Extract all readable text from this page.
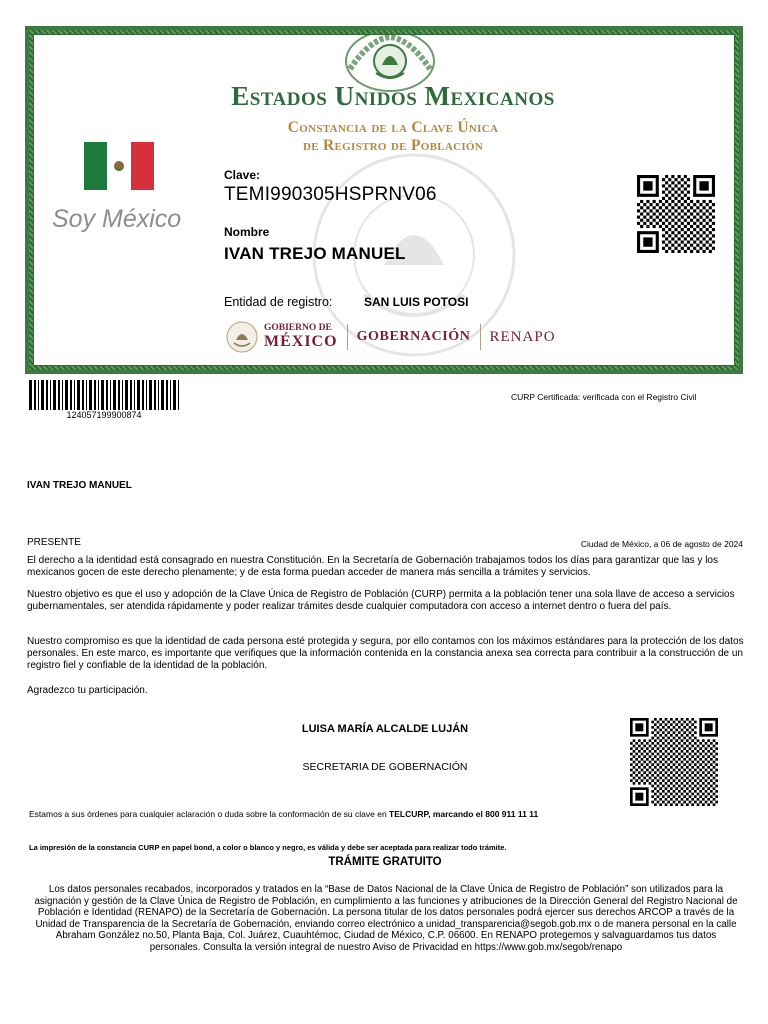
Estados Unidos Mexicanos
Constancia de la Clave Única
de Registro de Población
Soy México
Clave:
TEMI990305HSPRNV06
Nombre
IVAN TREJO MANUEL
Entidad de registro:	SAN LUIS POTOSI
GOBIERNO DE
MÉXICO GOBERNACIÓN RENAPO
124057199900874
CURP Certificada: verificada con el Registro Civil
IVAN TREJO MANUEL
PRESENTE	Ciudad de México, a 06 de agosto de 2024
El derecho a la identidad está consagrado en nuestra Constitución. En la Secretaría de Gobernación trabajamos todos los días para garantizar que las y los mexicanos gocen de este derecho plenamente; y de esta forma puedan acceder de manera más sencilla a trámites y servicios.
Nuestro objetivo es que el uso y adopción de la Clave Única de Registro de Población (CURP) permita a la población tener una sola llave de acceso a servicios gubernamentales, ser atendida rápidamente y poder realizar trámites desde cualquier computadora con acceso a internet dentro o fuera del país.
Nuestro compromiso es que la identidad de cada persona esté protegida y segura, por ello contamos con los máximos estándares para la protección de los datos personales. En este marco, es importante que verifiques que la información contenida en la constancia anexa sea correcta para contribuir a la construcción de un registro fiel y confiable de la identidad de la población.
Agradezco tu participación.
LUISA MARÍA ALCALDE LUJÁN
SECRETARIA DE GOBERNACIÓN
Estamos a sus órdenes para cualquier aclaración o duda sobre la conformación de su clave en TELCURP, marcando el 800 911 11 11
La impresión de la constancia CURP en papel bond, a color o blanco y negro, es válida y debe ser aceptada para realizar todo trámite.
TRÁMITE GRATUITO
Los datos personales recabados, incorporados y tratados en la “Base de Datos Nacional de la Clave Única de Registro de Población” son utilizados para la asignación y gestión de la Clave Única de Registro de Población, en cumplimiento a las funciones y atribuciones de la Dirección General del Registro Nacional de Población e Identidad (RENAPO) de la Secretaría de Gobernación. La persona titular de los datos personales podrá ejercer sus derechos ARCOP a través de la Unidad de Transparencia de la Secretaría de Gobernación, enviando correo electrónico a unidad_transparencia@segob.gob.mx o de manera personal en la calle Abraham González no.50, Planta Baja, Col. Juárez, Cuauhtémoc, Ciudad de México, C.P. 06600. En RENAPO protegemos y salvaguardamos tus datos personales. Consulta la versión integral de nuestro Aviso de Privacidad en https://www.gob.mx/segob/renapo
